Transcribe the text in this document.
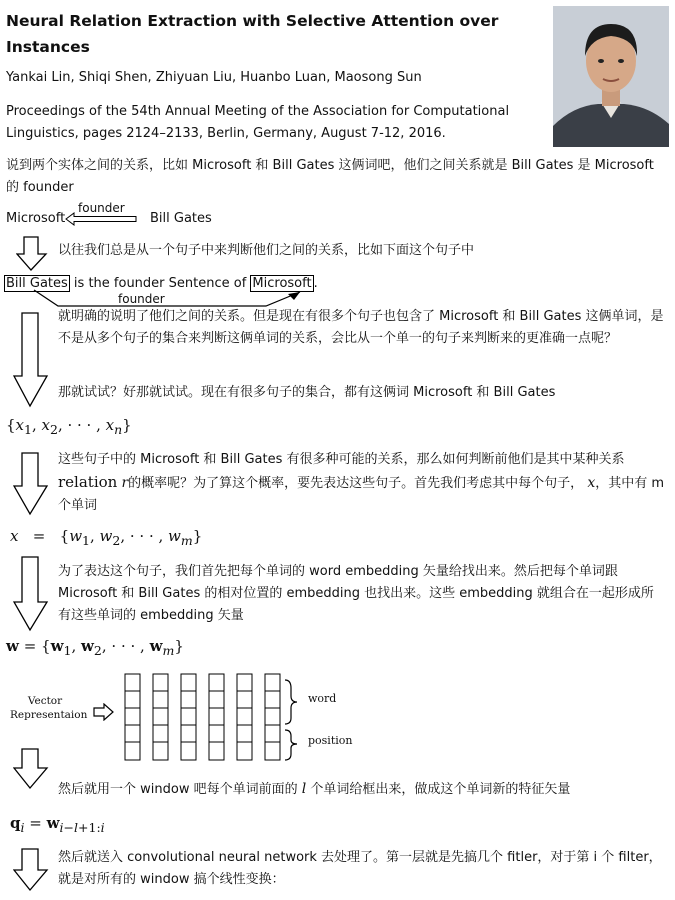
Neural Relation Extraction with Selective Attention over Instances
Yankai Lin, Shiqi Shen, Zhiyuan Liu, Huanbo Luan, Maosong Sun
Proceedings of the 54th Annual Meeting of the Association for Computational Linguistics, pages 2124–2133, Berlin, Germany, August 7-12, 2016.
说到两个实体之间的关系，比如 Microsoft 和 Bill Gates 这俩词吧，他们之间关系就是 Bill Gates 是 Microsoft 的 founder
Microsoft	Bill Gates
founder
以往我们总是从一个句子中来判断他们之间的关系，比如下面这个句子中
Bill Gates is the founder Sentence of Microsoft .
founder
就明确的说明了他们之间的关系。但是现在有很多个句子也包含了 Microsoft 和 Bill Gates 这俩单词，是不是从多个句子的集合来判断这俩单词的关系，会比从一个单一的句子来判断来的更准确一点呢？
那就试试？好那就试试。现在有很多句子的集合，都有这俩词 Microsoft 和 Bill Gates
{$x_1$, $x_2$, · · · , $x_n$}
这些句子中的 Microsoft 和 Bill Gates 有很多种可能的关系，那么如何判断前他们是其中某种关系 relation r的概率呢？为了算这个概率，要先表达这些句子。首先我们考虑其中每个句子， x，其中有 m 个单词
$x = \{w_1$, $w_2$, · · · , $w_m$}
为了表达这个句子，我们首先把每个单词的 word embedding 矢量给找出来。然后把每个单词跟 Microsoft 和 Bill Gates 的相对位置的 embedding 也找出来。这些 embedding 就组合在一起形成所有这些单词的 embedding 矢量
$w = \{w_1$, $w_2$, · · · , $w_m$}
Vector
Representaion
word
position
然后就用一个 window 吧每个单词前面的 l 个单词给框出来，做成这个单词新的特征矢量
$q_i = w_{i-l+1:i}$
然后就送入 convolutional neural network 去处理了。第一层就是先搞几个 fitler，对于第 i 个 filter，就是对所有的 window 搞个线性变换：
